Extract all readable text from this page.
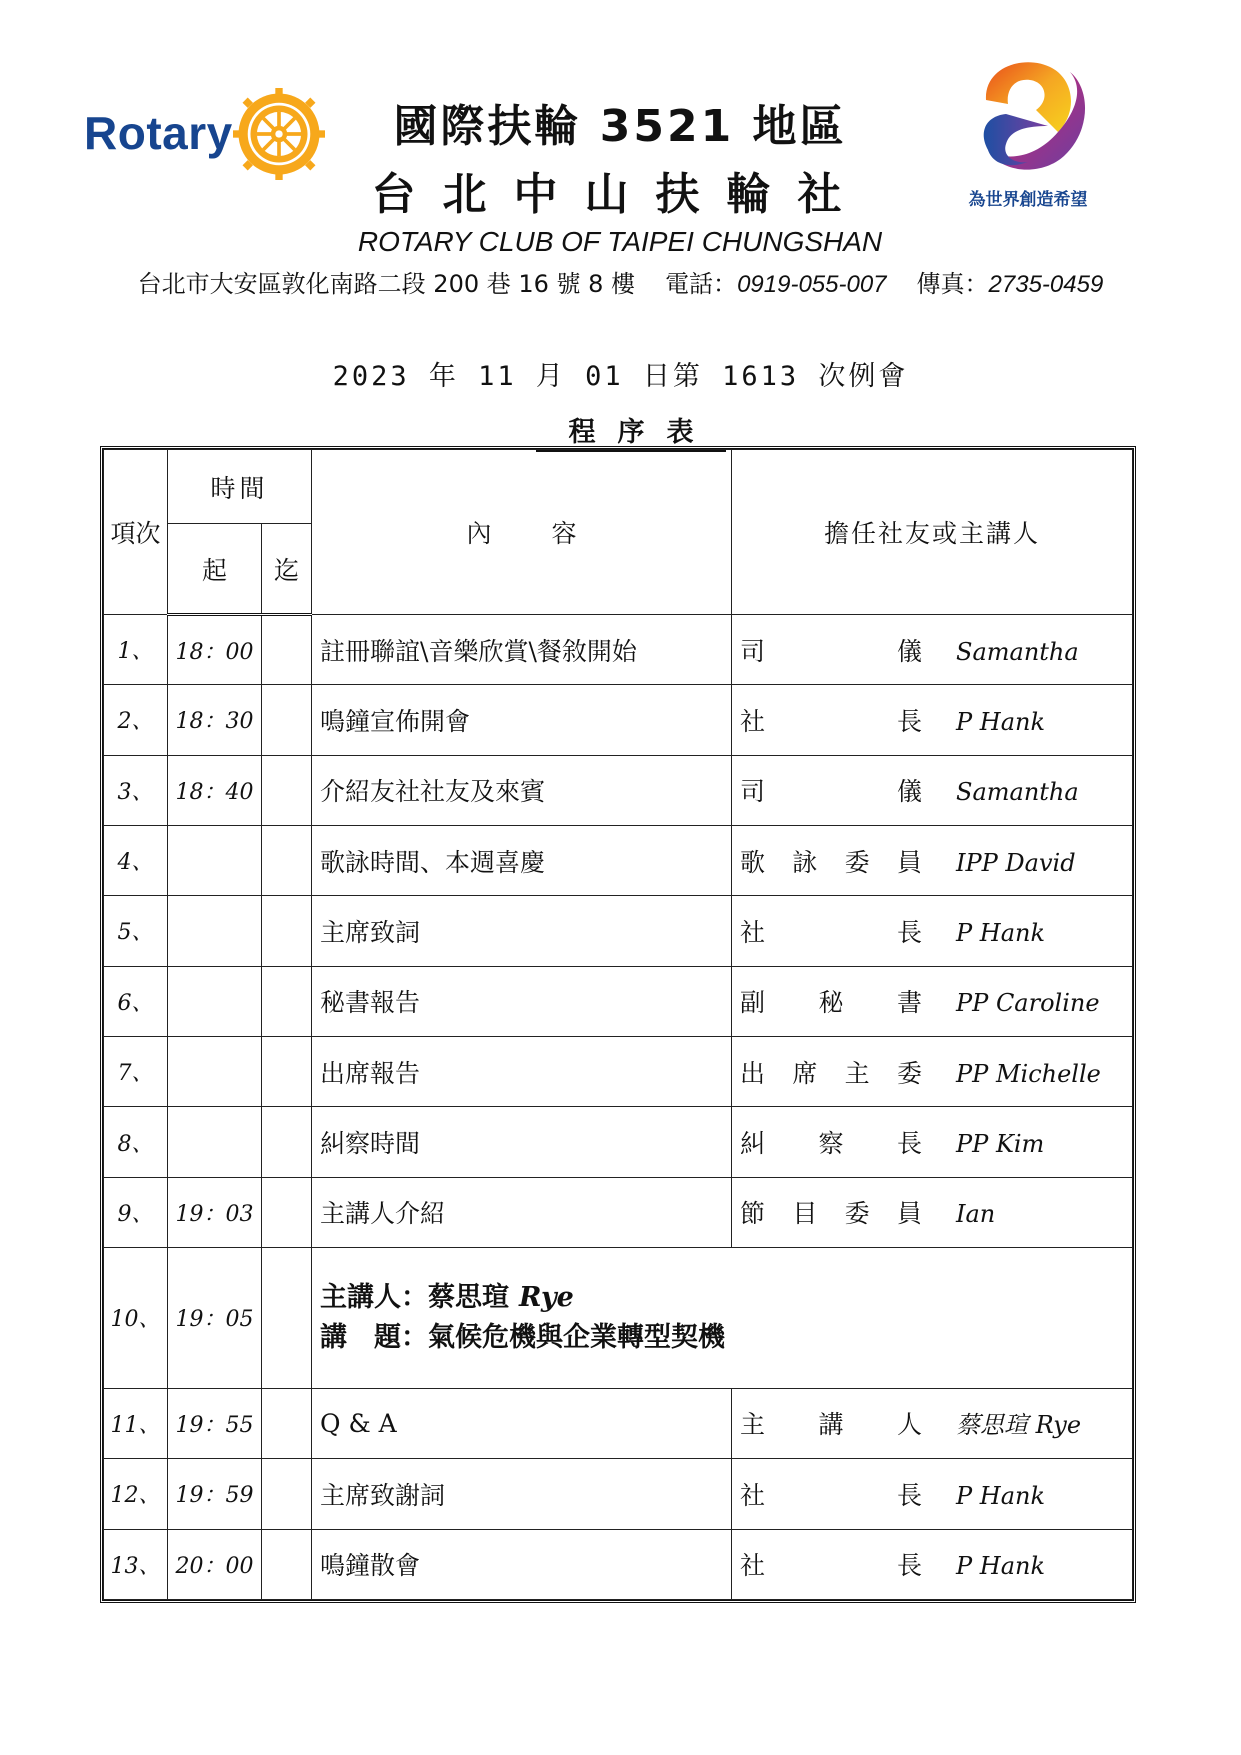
Rotary	國際扶輪 3521 地區
台北中山扶輪社
ROTARY CLUB OF TAIPEI CHUNGSHAN
台北市大安區敦化南路二段 200 巷 16 號 8 樓 電話：0919-055-007 傳真：2735-0459
為世界創造希望
2023 年 11 月 01 日第 1613 次例會
程序表
項次	時間		內容	擔任社友或主講人
	起	迄		
1、	18：00		註冊聯誼\音樂欣賞\餐敘開始	司儀 Samantha
2、	18：30		鳴鐘宣佈開會	社長 P Hank
3、	18：40		介紹友社社友及來賓	司儀 Samantha
4、			歌詠時間、本週喜慶	歌詠委員 IPP David
5、			主席致詞	社長 P Hank
6、			秘書報告	副秘書 PP Caroline
7、			出席報告	出席主委 PP Michelle
8、			糾察時間	糾察長 PP Kim
9、	19：03		主講人介紹	節目委員 Ian
10、	19：05		主講人：蔡思瑄 Rye
講　題：氣候危機與企業轉型契機	

11、	19：55		Q & A	主講人 蔡思瑄 Rye
12、	19：59		主席致謝詞	社長 P Hank
13、	20：00		鳴鐘散會	社長 P Hank
